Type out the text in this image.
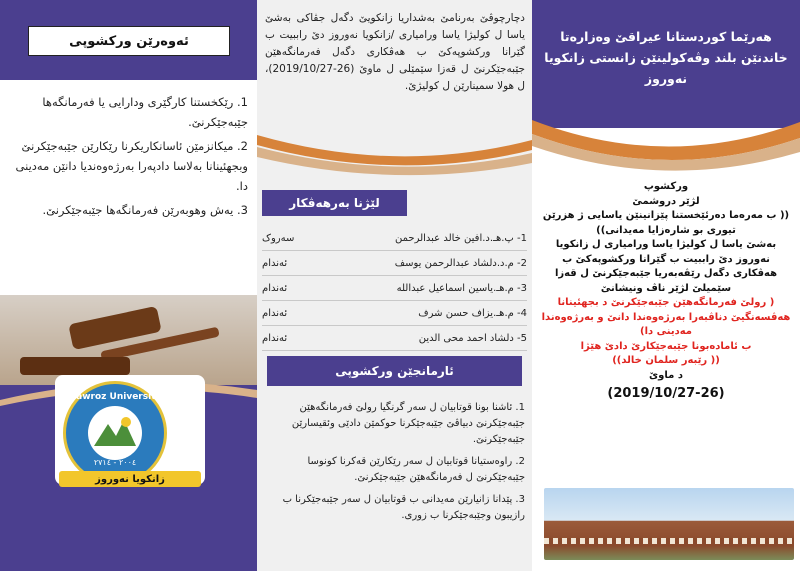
ئەوەرێن ورکشوپی
1. رێکخستنا کارگێری ودارایی یا فەرمانگەها جێبەجێکرنێ.
2. میکانزمێن ئاسانکاریکرنا رێکارێن جێبەجێکرنێ وبجهئینانا بەلاسا دادپەرا بەرژەوەندیا دانێن مەدینی دا.
3. یەش وهوبەرێن فەرمانگەها جێبەجێکرنێ.
Nawroz University
٢٠٠٤ - ٢٧١٤
زانکویا نەوروز
دچارچوڤێ بەرنامێ بەشداریا زانکویێ دگەل جڤاکی بەشێ یاسا ل کولیژا یاسا ورامیاری /زانکویا نەوروز دێ راببیت ب گێرانا ورکشوپەکێ ب هەڤکاری دگەل فەرمانگەهێن جێبەجێکرنێ ل قەزا سێمێلی ل ماوێ (26-2019/10/27)، ل هولا سمینارێن ل کولیژێ.
لێژنا بەرهەڤکار
1- پ.هـ.د.افین خالد عبدالرحمن
سەروک
2- م.د.دلشاد عبدالرحمن یوسف
ئەندام
3- م.هـ.یاسین اسماعیل عبدالله
ئەندام
4- م.هـ.یزاف حسن شرف
ئەندام
5- دلشاد احمد محی الدین
ئەندام
ئارمانجێن ورکشوپی
1. ئاشنا بونا قوتابیان ل سەر گرنگیا رولێ فەرمانگەهێن جێبەجێکرنێ دبیاڤێ جێبەجێکرنا حوکمێن دادێی وئقیسارێن جێبەجێکرنێ.
2. راوەستیانا قوتابیان ل سەر رێکارێن قەکرنا کونوسا جێبەجێکرنێ ل فەرمانگەهێن جێبەجێکرنێ.
3. پێدانا زانیارێن مەیدانی ب قوتابیان ل سەر جێبەجێکرنا ب رازیبون وجێبەجێکرنا ب زوری.
هەرێما کوردستانا عیراقێ وەزارەتا خاندنێن بلند وڤەکولینێن زانستی زانکویا نەوروز
ورکشوپ
لژێر دروشمێ
(( ب مەرەما دەرئێخستنا پێزانینێن یاسایی ژ هزرێن تیوری بو شارەزایا مەیدانی))
بەشێ یاسا ل کولیژا یاسا ورامیاری ل زانکویا نەوروز دێ راببیت ب گێرانا ورکشوپەکێ ب هەڤکاری دگەل رێڤەبەریا جێبەجێکرنێ ل قەزا سێمیلێ لژێر ناڤ ونیشانێ
( رولێ فەرمانگەهێن جێبەجێکرنێ د بجهئینانا هەڤسەنگیێ دناڤبەرا بەرژەوەندا دانێ و بەرژەوەندا مەدینی دا)
ب ئامادەبونا جێبەجێکارێ دادێ هێژا
(( رێبەر سلمان خالد))
د ماوێ
(2019/10/27-26)
